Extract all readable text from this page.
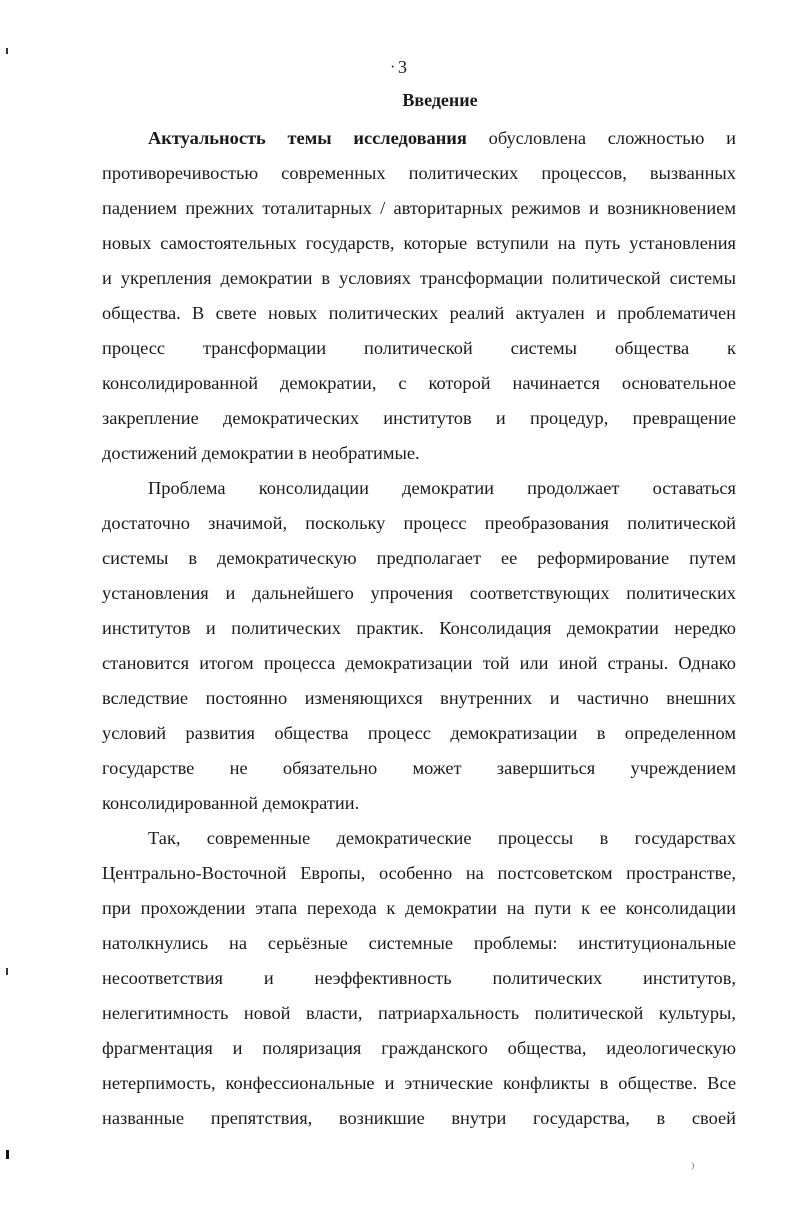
· 3
Введение
Актуальность темы исследования обусловлена сложностью и
противоречивостью современных политических процессов, вызванных
падением прежних тоталитарных / авторитарных режимов и возникновением
новых самостоятельных государств, которые вступили на путь установления
и укрепления демократии в условиях трансформации политической системы
общества. В свете новых политических реалий актуален и проблематичен
процесс трансформации политической системы общества к
консолидированной демократии, с которой начинается основательное
закрепление демократических институтов и процедур, превращение
достижений демократии в необратимые.
Проблема консолидации демократии продолжает оставаться
достаточно значимой, поскольку процесс преобразования политической
системы в демократическую предполагает ее реформирование путем
установления и дальнейшего упрочения соответствующих политических
институтов и политических практик. Консолидация демократии нередко
становится итогом процесса демократизации той или иной страны. Однако
вследствие постоянно изменяющихся внутренних и частично внешних
условий развития общества процесс демократизации в определенном
государстве не обязательно может завершиться учреждением
консолидированной демократии.
Так, современные демократические процессы в государствах
Центрально-Восточной Европы, особенно на постсоветском пространстве,
при прохождении этапа перехода к демократии на пути к ее консолидации
натолкнулись на серьёзные системные проблемы: институциональные
несоответствия и неэффективность политических институтов,
нелегитимность новой власти, патриархальность политической культуры,
фрагментация и поляризация гражданского общества, идеологическую
нетерпимость, конфессиональные и этнические конфликты в обществе. Все
названные препятствия, возникшие внутри государства, в своей
